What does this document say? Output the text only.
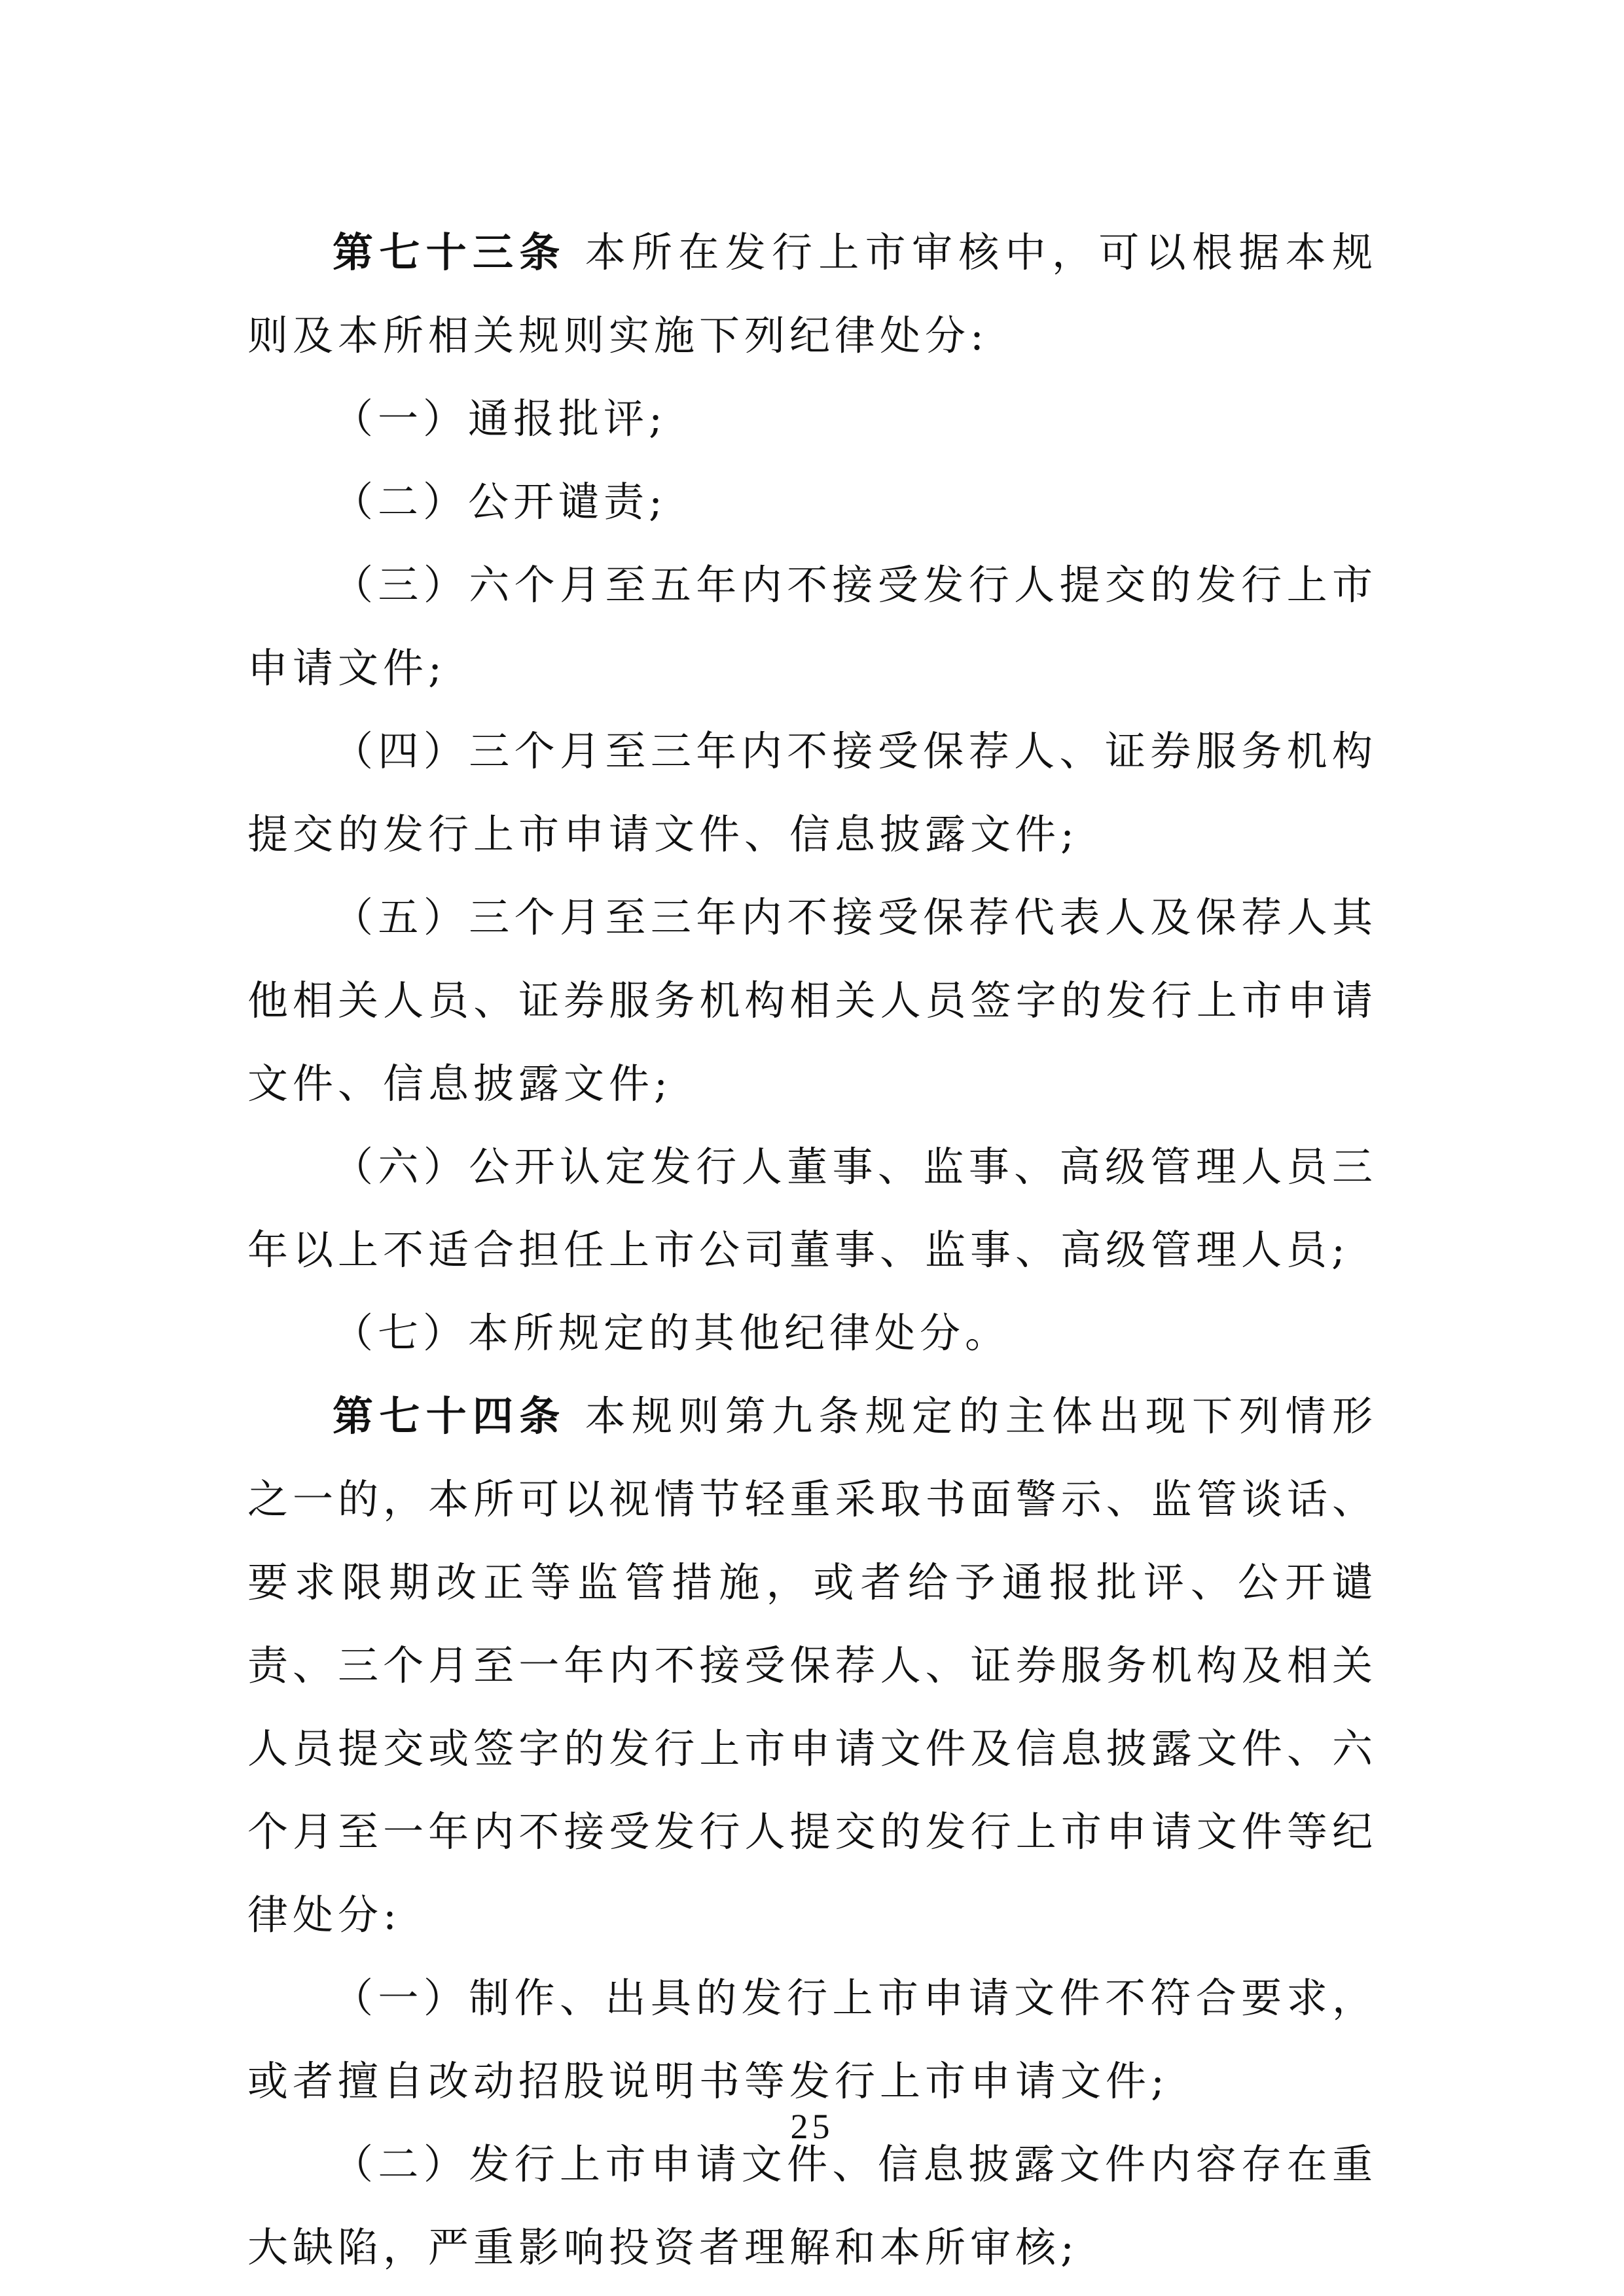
第七十三条 本所在发行上市审核中，可以根据本规则及本所相关规则实施下列纪律处分:

（一）通报批评;

（二）公开谴责;

（三）六个月至五年内不接受发行人提交的发行上市申请文件;

（四）三个月至三年内不接受保荐人、证券服务机构提交的发行上市申请文件、信息披露文件;

（五）三个月至三年内不接受保荐代表人及保荐人其他相关人员、证券服务机构相关人员签字的发行上市申请文件、信息披露文件;

（六）公开认定发行人董事、监事、高级管理人员三年以上不适合担任上市公司董事、监事、高级管理人员;

（七）本所规定的其他纪律处分。

第七十四条 本规则第九条规定的主体出现下列情形之一的，本所可以视情节轻重采取书面警示、监管谈话、要求限期改正等监管措施，或者给予通报批评、公开谴责、三个月至一年内不接受保荐人、证券服务机构及相关人员提交或签字的发行上市申请文件及信息披露文件、六个月至一年内不接受发行人提交的发行上市申请文件等纪律处分:

（一）制作、出具的发行上市申请文件不符合要求，或者擅自改动招股说明书等发行上市申请文件;

（二）发行上市申请文件、信息披露文件内容存在重大缺陷，严重影响投资者理解和本所审核;

25
